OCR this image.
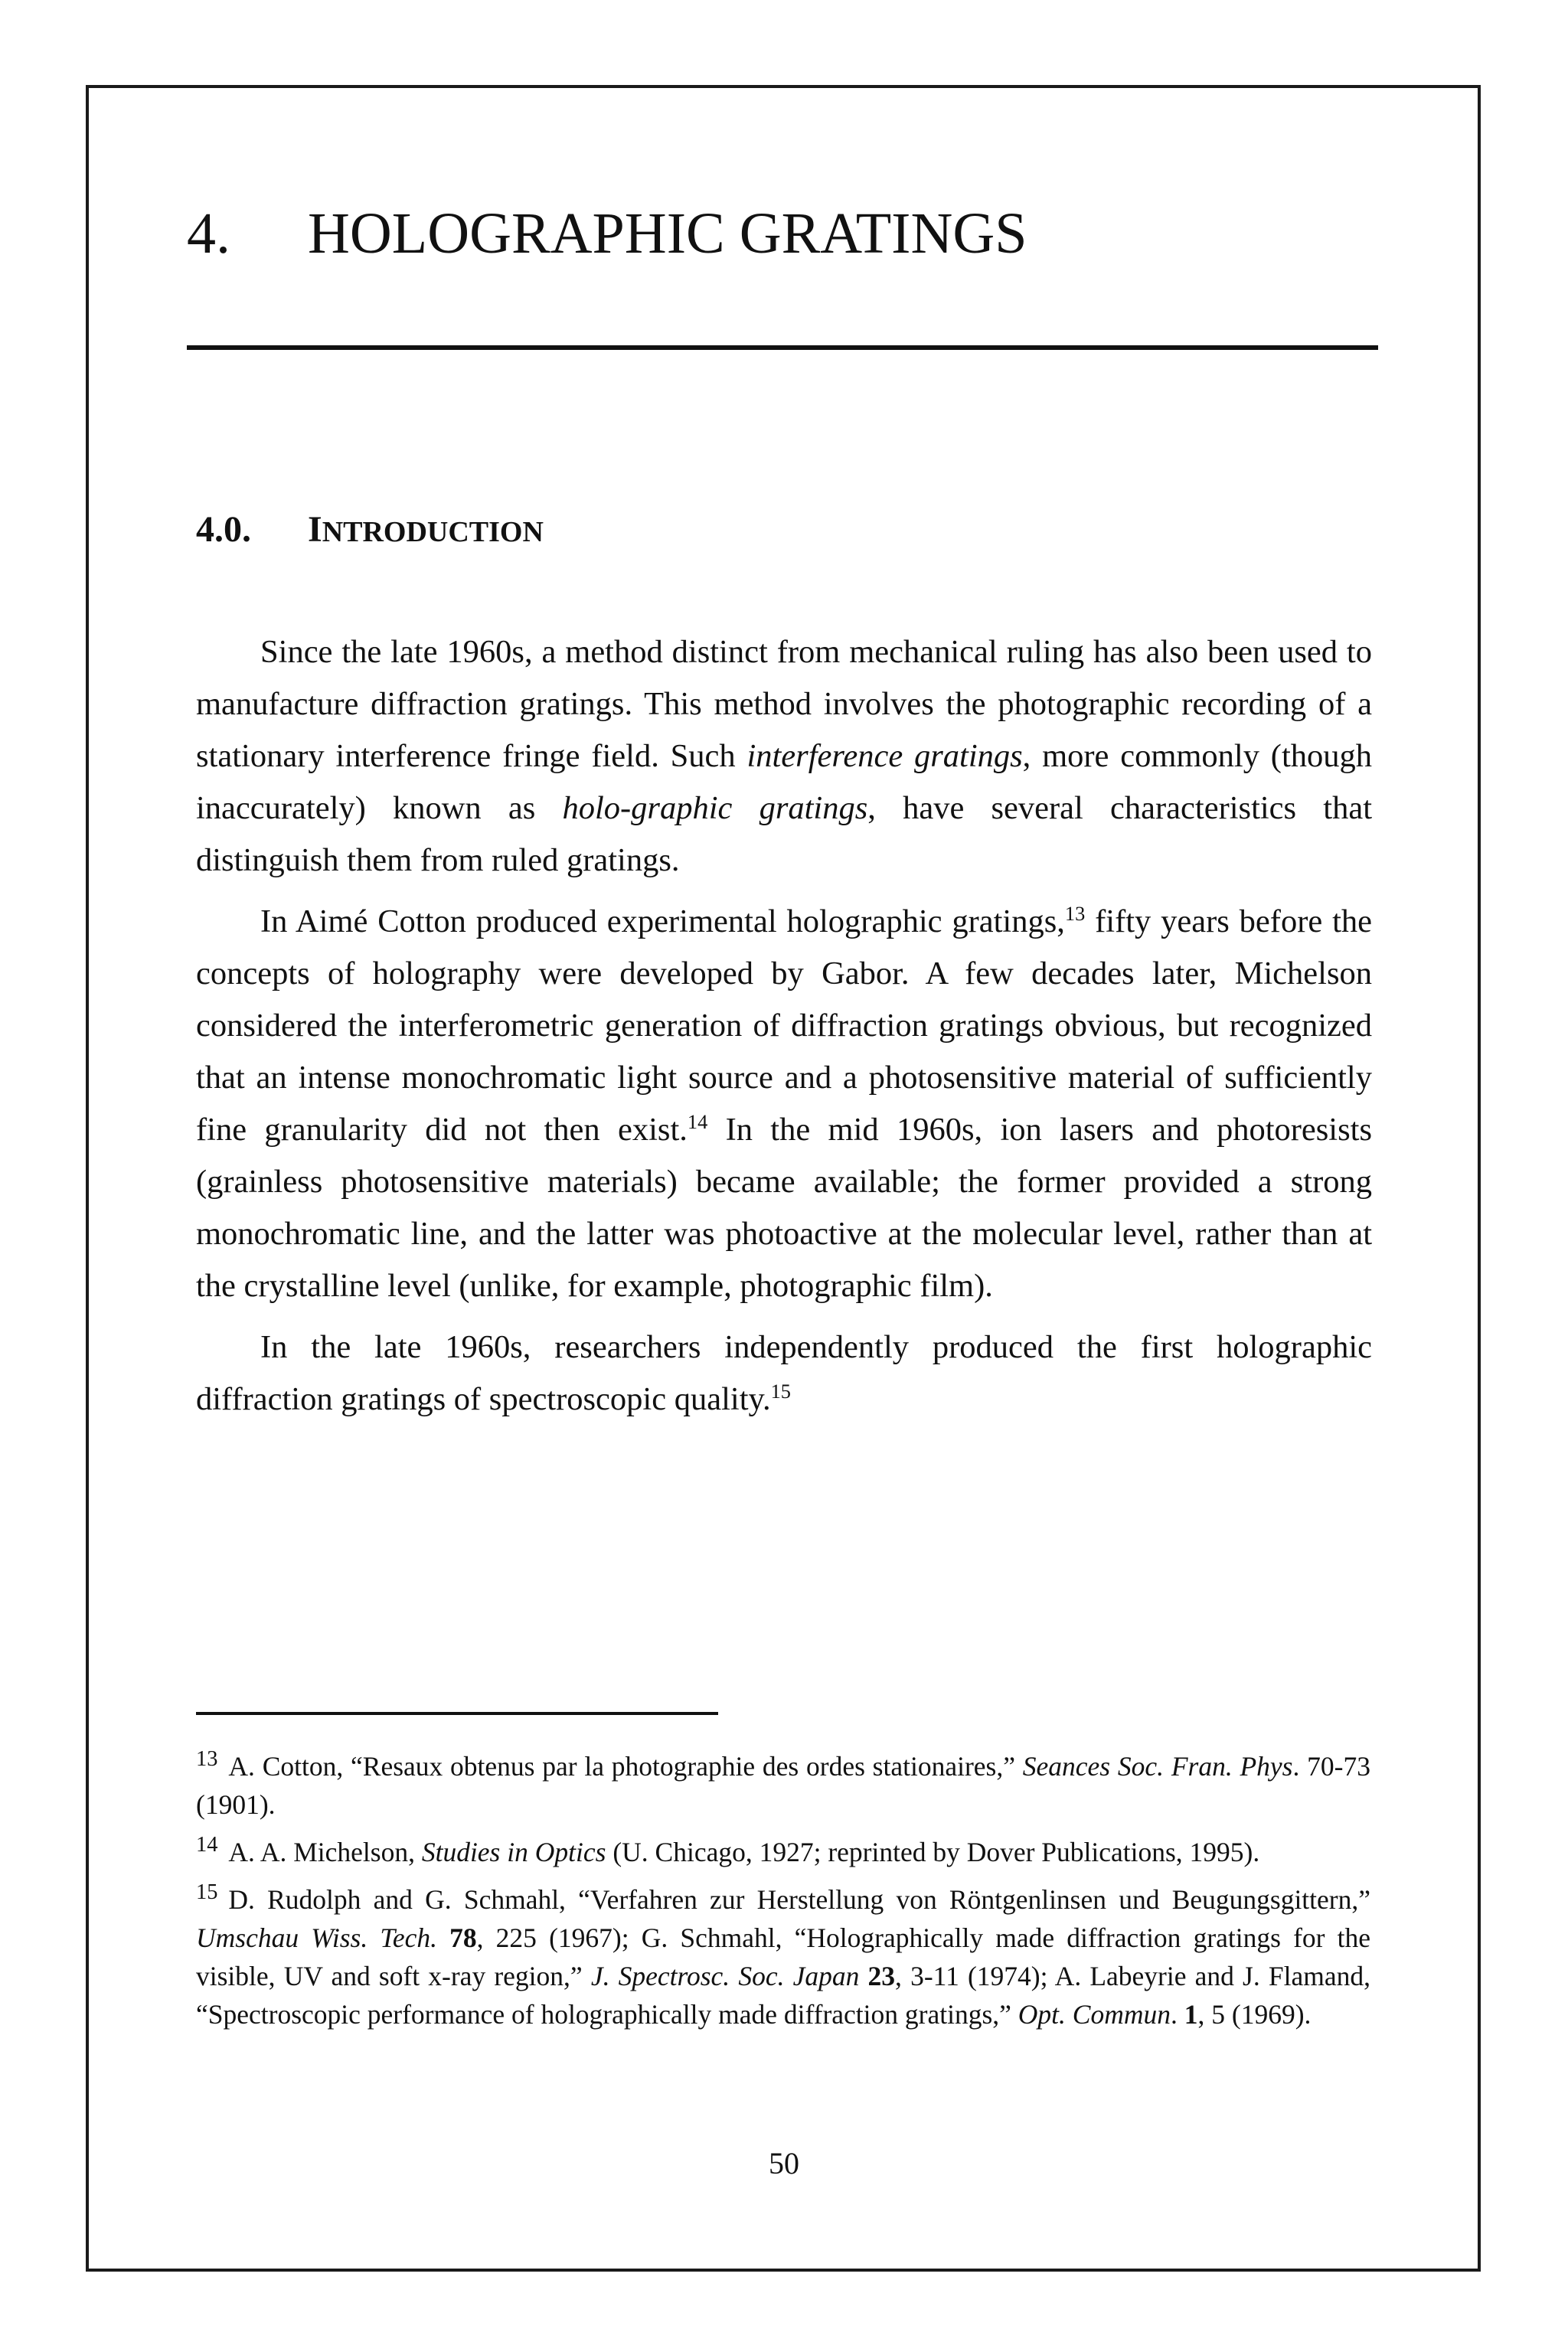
4. HOLOGRAPHIC GRATINGS
4.0. INTRODUCTION

Since the late 1960s, a method distinct from mechanical ruling has also been used to manufacture diffraction gratings. This method involves the photographic recording of a stationary interference fringe field. Such interference gratings, more commonly (though inaccurately) known as holo-graphic gratings, have several characteristics that distinguish them from ruled gratings.

In Aimé Cotton produced experimental holographic gratings,$^{13}$ fifty years before the concepts of holography were developed by Gabor. A few decades later, Michelson considered the interferometric generation of diffraction gratings obvious, but recognized that an intense monochromatic light source and a photosensitive material of sufficiently fine granularity did not then exist.$^{14}$ In the mid 1960s, ion lasers and photoresists (grainless photosensitive materials) became available; the former provided a strong monochromatic line, and the latter was photoactive at the molecular level, rather than at the crystalline level (unlike, for example, photographic film).

In the late 1960s, researchers independently produced the first holographic diffraction gratings of spectroscopic quality.$^{15}$

$^{13}$ A. Cotton, “Resaux obtenus par la photographie des ordes stationaires,” Seances Soc. Fran. Phys. 70-73 (1901).

$^{14}$ A. A. Michelson, Studies in Optics (U. Chicago, 1927; reprinted by Dover Publications, 1995).

$^{15}$ D. Rudolph and G. Schmahl, “Verfahren zur Herstellung von Röntgenlinsen und Beugungsgittern,” Umschau Wiss. Tech. 78, 225 (1967); G. Schmahl, “Holographically made diffraction gratings for the visible, UV and soft x-ray region,” J. Spectrosc. Soc. Japan 23, 3-11 (1974); A. Labeyrie and J. Flamand, “Spectroscopic performance of holographically made diffraction gratings,” Opt. Commun. 1, 5 (1969).

50
